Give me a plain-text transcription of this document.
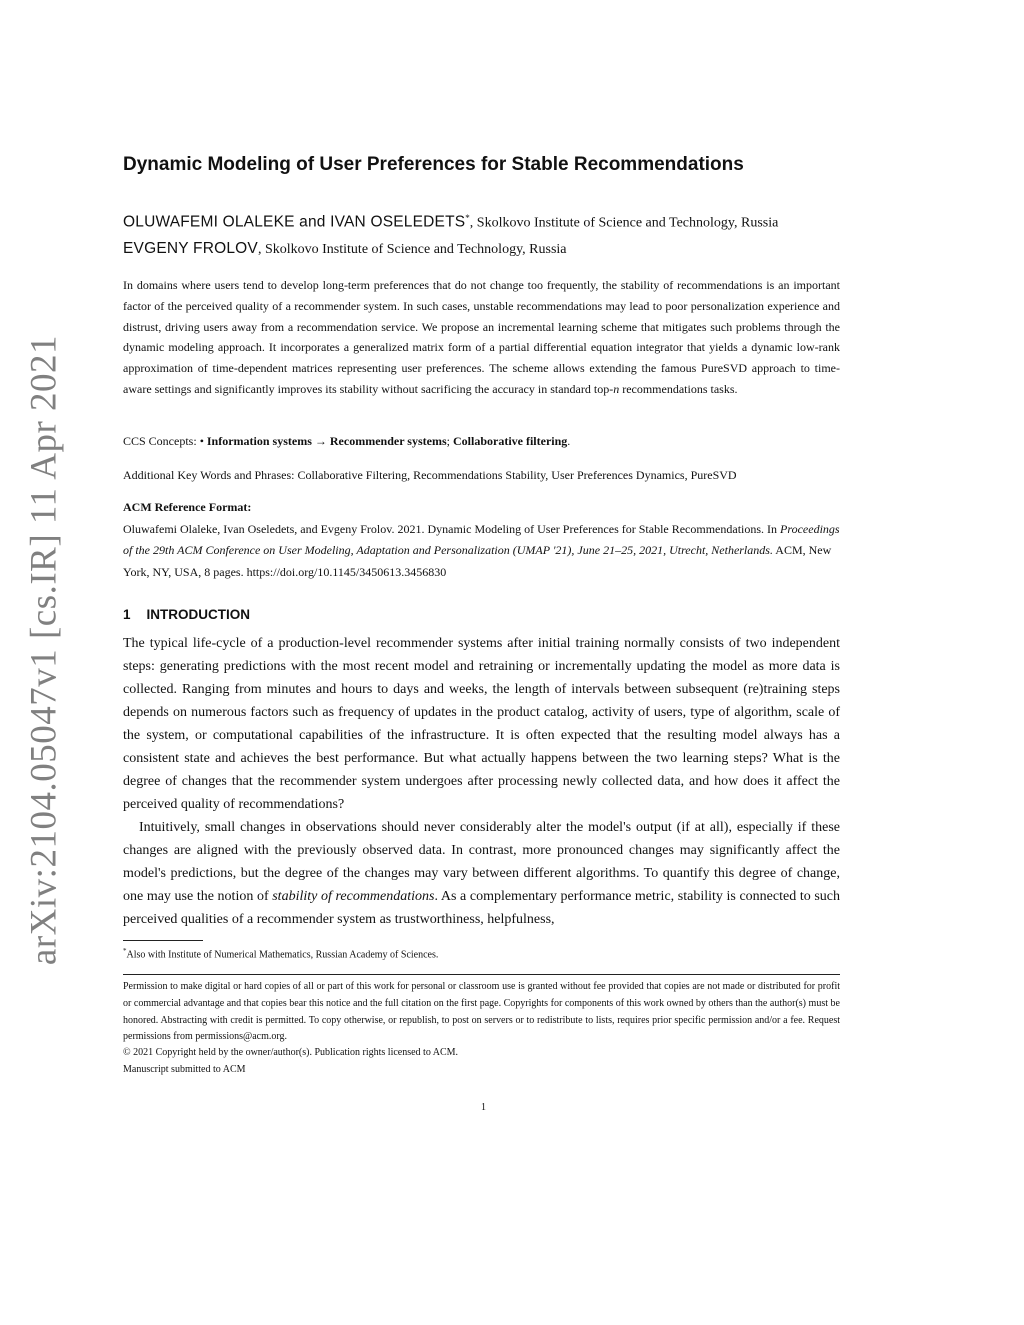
arXiv:2104.05047v1 [cs.IR] 11 Apr 2021
Dynamic Modeling of User Preferences for Stable Recommendations
OLUWAFEMI OLALEKE and IVAN OSELEDETS*, Skolkovo Institute of Science and Technology, Russia
EVGENY FROLOV, Skolkovo Institute of Science and Technology, Russia

In domains where users tend to develop long-term preferences that do not change too frequently, the stability of recommendations is an important factor of the perceived quality of a recommender system. In such cases, unstable recommendations may lead to poor personalization experience and distrust, driving users away from a recommendation service. We propose an incremental learning scheme that mitigates such problems through the dynamic modeling approach. It incorporates a generalized matrix form of a partial differential equation integrator that yields a dynamic low-rank approximation of time-dependent matrices representing user preferences. The scheme allows extending the famous PureSVD approach to time-aware settings and significantly improves its stability without sacrificing the accuracy in standard top-n recommendations tasks.

CCS Concepts: • Information systems → Recommender systems; Collaborative filtering.
Additional Key Words and Phrases: Collaborative Filtering, Recommendations Stability, User Preferences Dynamics, PureSVD
ACM Reference Format:

Oluwafemi Olaleke, Ivan Oseledets, and Evgeny Frolov. 2021. Dynamic Modeling of User Preferences for Stable Recommendations. In Proceedings of the 29th ACM Conference on User Modeling, Adaptation and Personalization (UMAP '21), June 21–25, 2021, Utrecht, Netherlands. ACM, New York, NY, USA, 8 pages. https://doi.org/10.1145/3450613.3456830

1 INTRODUCTION

The typical life-cycle of a production-level recommender systems after initial training normally consists of two independent steps: generating predictions with the most recent model and retraining or incrementally updating the model as more data is collected. Ranging from minutes and hours to days and weeks, the length of intervals between subsequent (re)training steps depends on numerous factors such as frequency of updates in the product catalog, activity of users, type of algorithm, scale of the system, or computational capabilities of the infrastructure. It is often expected that the resulting model always has a consistent state and achieves the best performance. But what actually happens between the two learning steps? What is the degree of changes that the recommender system undergoes after processing newly collected data, and how does it affect the perceived quality of recommendations?

Intuitively, small changes in observations should never considerably alter the model's output (if at all), especially if these changes are aligned with the previously observed data. In contrast, more pronounced changes may significantly affect the model's predictions, but the degree of the changes may vary between different algorithms. To quantify this degree of change, one may use the notion of stability of recommendations. As a complementary performance metric, stability is connected to such perceived qualities of a recommender system as trustworthiness, helpfulness,

*Also with Institute of Numerical Mathematics, Russian Academy of Sciences.

Permission to make digital or hard copies of all or part of this work for personal or classroom use is granted without fee provided that copies are not made or distributed for profit or commercial advantage and that copies bear this notice and the full citation on the first page. Copyrights for components of this work owned by others than the author(s) must be honored. Abstracting with credit is permitted. To copy otherwise, or republish, to post on servers or to redistribute to lists, requires prior specific permission and/or a fee. Request permissions from permissions@acm.org.

© 2021 Copyright held by the owner/author(s). Publication rights licensed to ACM.
Manuscript submitted to ACM
1
